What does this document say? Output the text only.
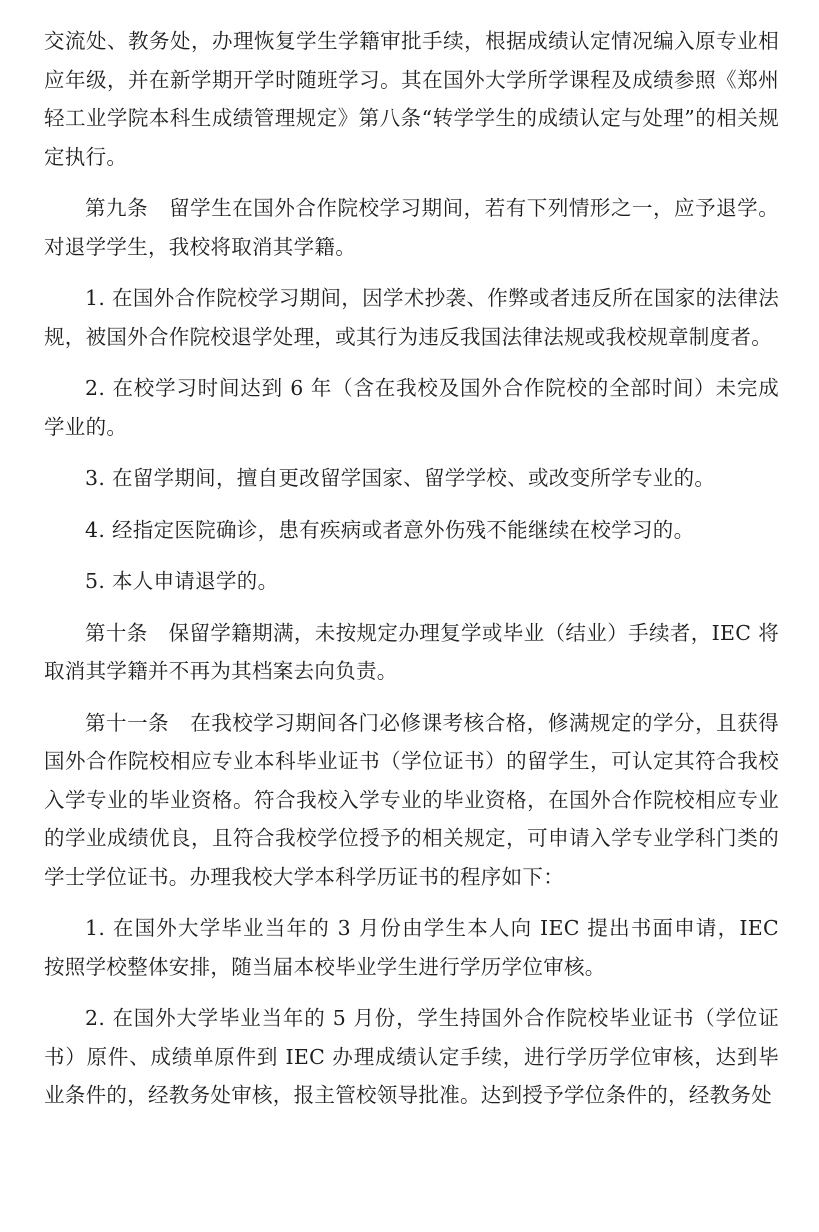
交流处、教务处，办理恢复学生学籍审批手续，根据成绩认定情况编入原专业相应年级，并在新学期开学时随班学习。其在国外大学所学课程及成绩参照《郑州轻工业学院本科生成绩管理规定》第八条“转学学生的成绩认定与处理”的相关规定执行。

第九条　留学生在国外合作院校学习期间，若有下列情形之一，应予退学。对退学学生，我校将取消其学籍。

1. 在国外合作院校学习期间，因学术抄袭、作弊或者违反所在国家的法律法规，被国外合作院校退学处理，或其行为违反我国法律法规或我校规章制度者。

2. 在校学习时间达到 6 年（含在我校及国外合作院校的全部时间）未完成学业的。

3. 在留学期间，擅自更改留学国家、留学学校、或改变所学专业的。

4. 经指定医院确诊，患有疾病或者意外伤残不能继续在校学习的。

5. 本人申请退学的。

第十条　保留学籍期满，未按规定办理复学或毕业（结业）手续者，IEC 将取消其学籍并不再为其档案去向负责。

第十一条　在我校学习期间各门必修课考核合格，修满规定的学分，且获得国外合作院校相应专业本科毕业证书（学位证书）的留学生，可认定其符合我校入学专业的毕业资格。符合我校入学专业的毕业资格，在国外合作院校相应专业的学业成绩优良，且符合我校学位授予的相关规定，可申请入学专业学科门类的学士学位证书。办理我校大学本科学历证书的程序如下：

1. 在国外大学毕业当年的 3 月份由学生本人向 IEC 提出书面申请，IEC 按照学校整体安排，随当届本校毕业学生进行学历学位审核。

2. 在国外大学毕业当年的 5 月份，学生持国外合作院校毕业证书（学位证书）原件、成绩单原件到 IEC 办理成绩认定手续，进行学历学位审核，达到毕业条件的，经教务处审核，报主管校领导批准。达到授予学位条件的，经教务处
